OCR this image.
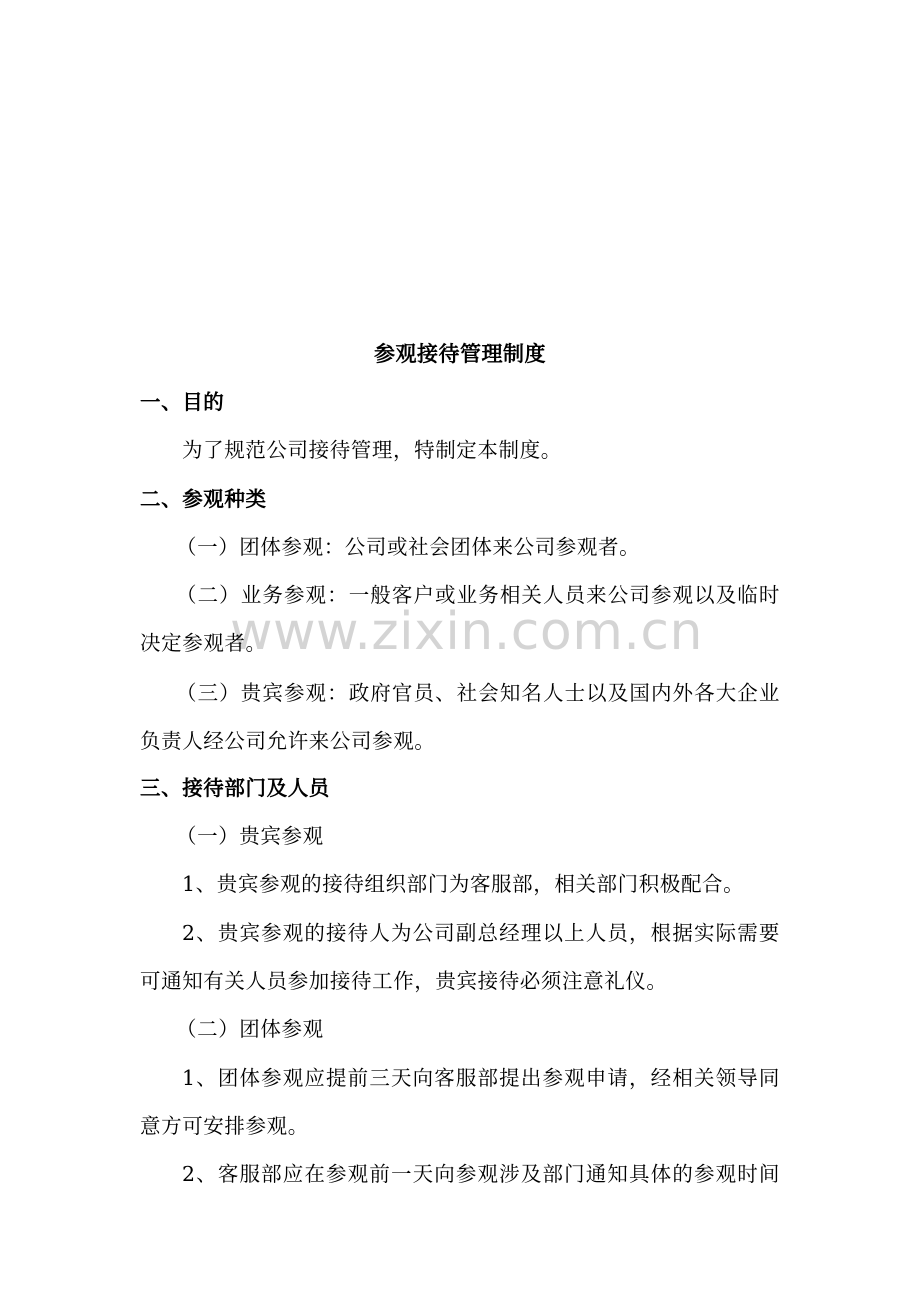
www.zixin.com.cn
参观接待管理制度
一、目的
为了规范公司接待管理，特制定本制度。
二、参观种类
（一）团体参观：公司或社会团体来公司参观者。
（二）业务参观：一般客户或业务相关人员来公司参观以及临时
决定参观者。
（三）贵宾参观：政府官员、社会知名人士以及国内外各大企业
负责人经公司允许来公司参观。
三、接待部门及人员
（一）贵宾参观
1、贵宾参观的接待组织部门为客服部，相关部门积极配合。
2、贵宾参观的接待人为公司副总经理以上人员，根据实际需要
可通知有关人员参加接待工作，贵宾接待必须注意礼仪。
（二）团体参观
1、团体参观应提前三天向客服部提出参观申请，经相关领导同
意方可安排参观。
2、客服部应在参观前一天向参观涉及部门通知具体的参观时间
